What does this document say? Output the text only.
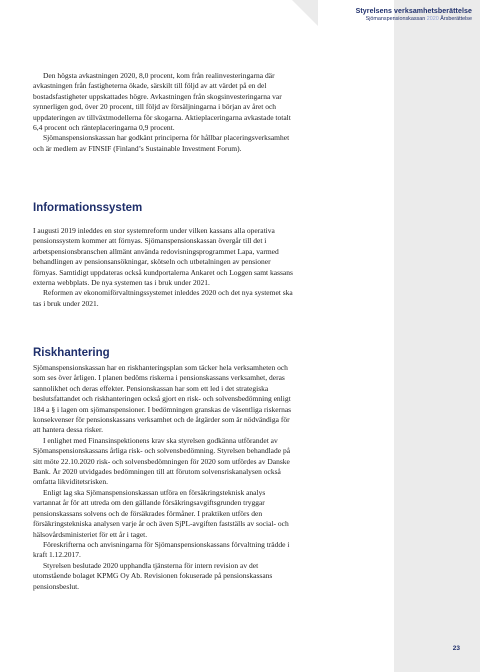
Styrelsens verksamhetsberättelse
Sjömanspensionskassan 2020 Årsberättelse

Den högsta avkastningen 2020, 8,0 procent, kom från realinvesteringarna där avkastningen från fastigheterna ökade, särskilt till följd av att värdet på en del bostadsfastigheter uppskattades högre. Avkastningen från skogsinvesteringarna var synnerligen god, över 20 procent, till följd av försäljningarna i början av året och uppdateringen av tillväxtmodellerna för skogarna. Aktieplaceringarna avkastade totalt 6,4 procent och ränteplaceringarna 0,9 procent.

Sjömanspensionskassan har godkänt principerna för hållbar placeringsverksamhet och är medlem av FINSIF (Finland’s Sustainable Investment Forum).

Informationssystem

I augusti 2019 inleddes en stor systemreform under vilken kassans alla operativa pensionssystem kommer att förnyas. Sjömanspensionskassan övergår till det i arbetspensionsbranschen allmänt använda redovisningsprogrammet Lapa, varmed behandlingen av pensionsansökningar, skötseln och utbetalningen av pensioner förnyas. Samtidigt uppdateras också kundportalerna Ankaret och Loggen samt kassans externa webbplats. De nya systemen tas i bruk under 2021.

Reformen av ekonomiförvaltningssystemet inleddes 2020 och det nya systemet ska tas i bruk under 2021.

Riskhantering

Sjömanspensionskassan har en riskhanteringsplan som täcker hela verksamheten och som ses över årligen. I planen bedöms riskerna i pensionskassans verksamhet, deras sannolikhet och deras effekter. Pensionskassan har som ett led i det strategiska beslutsfattandet och riskhanteringen också gjort en risk- och solvensbedömning enligt 184 a § i lagen om sjömanspensioner. I bedömningen granskas de väsentliga riskernas konsekvenser för pensionskassans verksamhet och de åtgärder som är nödvändiga för att hantera dessa risker.

I enlighet med Finansinspektionens krav ska styrelsen godkänna utförandet av Sjömanspensionskassans årliga risk- och solvensbedömning. Styrelsen behandlade på sitt möte 22.10.2020 risk- och solvensbedömningen för 2020 som utfördes av Danske Bank. År 2020 utvidgades bedömningen till att förutom solvensriskanalysen också omfatta likviditetsrisken.

Enligt lag ska Sjömanspensionskassan utföra en försäkringsteknisk analys vartannat år för att utreda om den gällande försäkringsavgiftsgrunden tryggar pensionskassans solvens och de försäkrades förmåner. I praktiken utförs den försäkringstekniska analysen varje år och även SjPL-avgiften fastställs av social- och hälsovårdsministeriet för ett år i taget.

Föreskrifterna och anvisningarna för Sjömanspensionskassans förvaltning trädde i kraft 1.12.2017.

Styrelsen beslutade 2020 upphandla tjänsterna för intern revision av det utomstående bolaget KPMG Oy Ab. Revisionen fokuserade på pensionskassans pensionsbeslut.

23
